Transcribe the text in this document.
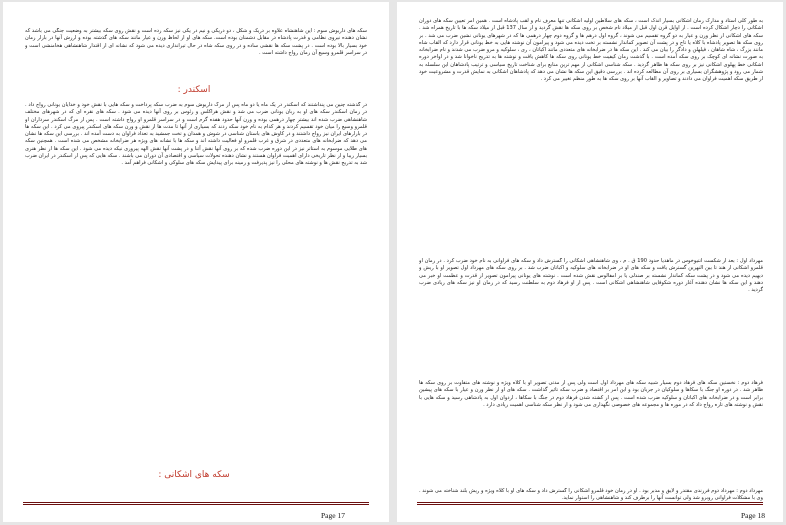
سکه های داریوش سوم : این شاهنشاه علاوه بر دریک و شکل ، دو دریکی و نیم در یکی نیز سکه زده است و نقش روی سکه بیشتر به وضعیت جنگی می باشد که نشان دهنده نیروی نظامی و قدرت پادشاه در مقابل دشمنان بوده است. سکه های او از لحاظ وزن و عیار مانند سکه های گذشته بوده و ارزش آنها در بازار زمان خود بسیار بالا بوده است . در پشت سکه ها نقشی ساده و در روی سکه شاه در حال تیراندازی دیده می شود که نشانه ای از اقتدار شاهنشاهی هخامنشی است و در سراسر قلمرو وسیع آن زمان رواج داشته است .
اسکندر :
در گذشته چنین می پنداشتند که اسکندر در یک ماه یا دو ماه پس از مرگ داریوش سوم به ضرب سکه پرداخت و سکه هایی با نقش خود و خدایان یونانی رواج داد . در زمان اسکندر سکه های او به زبان یونانی ضرب می شد و نقش هراکلس و زئوس بر روی آنها دیده می شود . سکه های نقره ای که در شهرهای مختلف شاهنشاهی ضرب شده اند بیشتر چهار درهمی بوده و وزن آنها حدود هفده گرم است و در سراسر قلمرو او رواج داشته است . پس از مرگ اسکندر سرداران او قلمرو وسیع را میان خود تقسیم کردند و هر کدام به نام خود سکه زدند که بسیاری از آنها تا مدت ها از نقش و وزن سکه های اسکندر پیروی می کرد . این سکه ها در بازارهای ایران نیز رواج داشتند و در کاوش های باستان شناسی در شوش و همدان و تخت جمشید به تعداد فراوان به دست آمده اند . بررسی این سکه ها نشان می دهد که ضرابخانه های متعددی در شرق و غرب قلمرو او فعالیت داشته اند و سکه ها با نشانه های ویژه هر ضرابخانه مشخص می شده است . همچنین سکه های طلایی موسوم به استاتر نیز در این دوره ضرب شده که بر روی آنها نقش آتنا و در پشت آنها نقش الهه پیروزی نیکه دیده می شود . این سکه ها از نظر هنری بسیار زیبا و از نظر تاریخی دارای اهمیت فراوان هستند و نشان دهنده تحولات سیاسی و اقتصادی آن دوران می باشند . سکه هایی که پس از اسکندر در ایران ضرب شد به تدریج نقش ها و نوشته های محلی را نیز پذیرفت و زمینه برای پیدایش سکه های سلوکی و اشکانی فراهم آمد .
سکه های اشکانی :
Page 17
به طور کلی استاد و مدارک زمان اشکانی بسیار اندک است ، سکه های سلاطین اولیه اشکانی تنها معرف نام و لقب پادشاه است . همین امر تعیین سکه های دوران اشکانی را دچار اشکال کرده است . از اوایل قرن اول قبل از میلاد نام شخص بر روی سکه ها نقش گردید و از سال 137 قبل از میلاد سکه ها با تاریخ همراه شد . سکه های اشکانی از نظر وزن و عیار به دو گروه تقسیم می شوند ، گروه اول درهم ها و گروه دوم چهار درهمی ها که در شهرهای یونانی نشین ضرب می شد . بر روی سکه ها تصویر پادشاه با کلاه یا تاج و در پشت آن تصویر کماندار نشسته بر تخت دیده می شود و پیرامون آن نوشته هایی به خط یونانی قرار دارد که القاب شاه مانند بزرگ ، شاه شاهان ، فیلهلن و دادگر را بیان می کند . این سکه ها در ضرابخانه های متعددی مانند اکباتان ، ری ، سلوکیه و مرو ضرب می شدند و نام ضرابخانه به صورت نشانه ای کوچک بر روی سکه آمده است . با گذشت زمان کیفیت خط یونانی روی سکه ها کاهش یافت و نوشته ها به تدریج ناخوانا شد و در اواخر دوره اشکانی خط پهلوی اشکانی نیز بر روی سکه ها ظاهر گردید . سکه شناسی اشکانی از مهم ترین منابع برای شناخت تاریخ سیاسی و ترتیب پادشاهان این سلسله به شمار می رود و پژوهشگران بسیاری بر روی آن مطالعه کرده اند . بررسی دقیق این سکه ها نشان می دهد که پادشاهان اشکانی به نمایش قدرت و مشروعیت خود از طریق سکه اهمیت فراوان می دادند و تصاویر و القاب آنها بر روی سکه ها به طور منظم تغییر می کرد .
مهرداد اول : بعد از شکست آنتیوخوس در ماهدیا حدود 190 ق . م ، وی شاهنشاهی اشکانی را گسترش داد و سکه های فراوانی به نام خود ضرب کرد . در زمان او قلمرو اشکانی از هند تا بین النهرین گسترش یافت و سکه های او در ضرابخانه های سلوکیه و اکباتان ضرب شد . بر روی سکه های مهرداد اول تصویر او با ریش و دیهیم دیده می شود و در پشت سکه کماندار نشسته بر صندلی یا بر امفالوس نقش شده است . نوشته های یونانی پیرامون تصویر از قدرت و عظمت او خبر می دهند و این سکه ها نشان دهنده آغاز دوره شکوفایی شاهنشاهی اشکانی است . پس از او فرهاد دوم به سلطنت رسید که در زمان او نیز سکه های زیادی ضرب گردید .
فرهاد دوم : نخستین سکه های فرهاد دوم بسیار شبیه سکه های مهرداد اول است ولی پس از مدتی تصویر او با کلاه ویژه و نوشته های متفاوت بر روی سکه ها ظاهر شد . در دوره او جنگ با سکاها و سلوکیان در جریان بود و این امر بر اقتصاد و ضرب سکه تاثیر گذاشت . سکه های او از نظر وزن و عیار با سکه های پیشین برابر است و در ضرابخانه های اکباتان و سلوکیه ضرب شده است . پس از کشته شدن فرهاد دوم در جنگ با سکاها ، اردوان اول به پادشاهی رسید و سکه هایی با نقش و نوشته های تازه رواج داد که در موزه ها و مجموعه های خصوصی نگهداری می شود و از نظر سکه شناسی اهمیت زیادی دارد .
مهرداد دوم : مهرداد دوم فرزندی مقتدر و لایق و مدبر بود . او در زمان خود قلمرو اشکانی را گسترش داد و سکه های او با کلاه ویژه و ریش بلند شناخته می شوند . وی با مشکلات فراوانی روبرو شد ولی توانست آنها را برطرف کند و شاهنشاهی را استوار نماید.
Page 18
